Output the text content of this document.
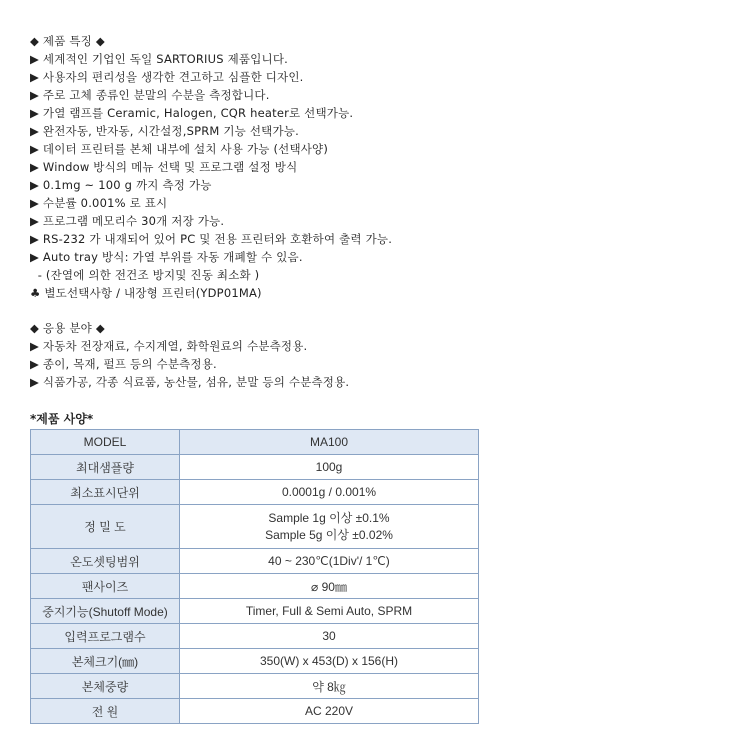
◆ 제품 특징 ◆
▶ 세계적인 기업인 독일 SARTORIUS 제품입니다.
▶ 사용자의 편리성을 생각한 견고하고 심플한 디자인.
▶ 주로 고체 종류인 분말의 수분을 측정합니다.
▶ 가열 램프를 Ceramic, Halogen, CQR heater로 선택가능.
▶ 완전자동, 반자동, 시간설정,SPRM 기능 선택가능.
▶ 데이터 프린터를 본체 내부에 설치 사용 가능 (선택사양)
▶ Window 방식의 메뉴 선택 및 프로그램 설정 방식
▶ 0.1mg ~ 100 g 까지 측정 가능
▶ 수분률 0.001% 로 표시
▶ 프로그램 메모리수 30개 저장 가능.
▶ RS-232 가 내재되어 있어 PC 및 전용 프린터와 호환하여 출력 가능.
▶ Auto tray 방식: 가열 부위를 자동 개폐할 수 있음.
- (잔열에 의한 전건조 방지및 진동 최소화 )
♣ 별도선택사항 / 내장형 프린터(YDP01MA)
◆ 응용 분야 ◆
▶ 자동차 전장재료, 수지계열, 화학원료의 수분측정용.
▶ 종이, 목재, 펄프 등의 수분측정용.
▶ 식품가공, 각종 식료품, 농산물, 섬유, 분말 등의 수분측정용.
*제품 사양*
MODEL	MA100
최대샘플량	100g
최소표시단위	0.0001g / 0.001%
정 밀 도	Sample 1g 이상 ±0.1%
Sample 5g 이상 ±0.02%

온도셋팅범위	40 ~ 230℃(1Div'/ 1℃)
팬사이즈	⌀ 90㎜
중지기능(Shutoff Mode)	Timer, Full & Semi Auto, SPRM
입력프로그램수	30
본체크기(㎜)	350(W) x 453(D) x 156(H)
본체중량	약 8㎏
전 원	AC 220V
